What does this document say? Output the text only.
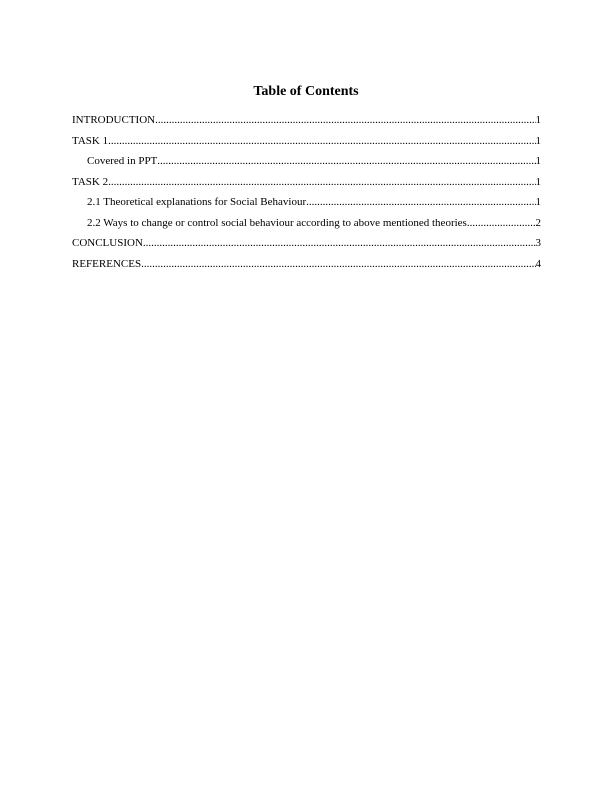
Table of Contents
INTRODUCTION .....	1
TASK 1 .....	1
Covered in PPT .....	1
TASK 2 .....	1
2.1 Theoretical explanations for Social Behaviour .....	1
2.2 Ways to change or control social behaviour according to above mentioned theories .....	2
CONCLUSION .....	3
REFERENCES .....	4
